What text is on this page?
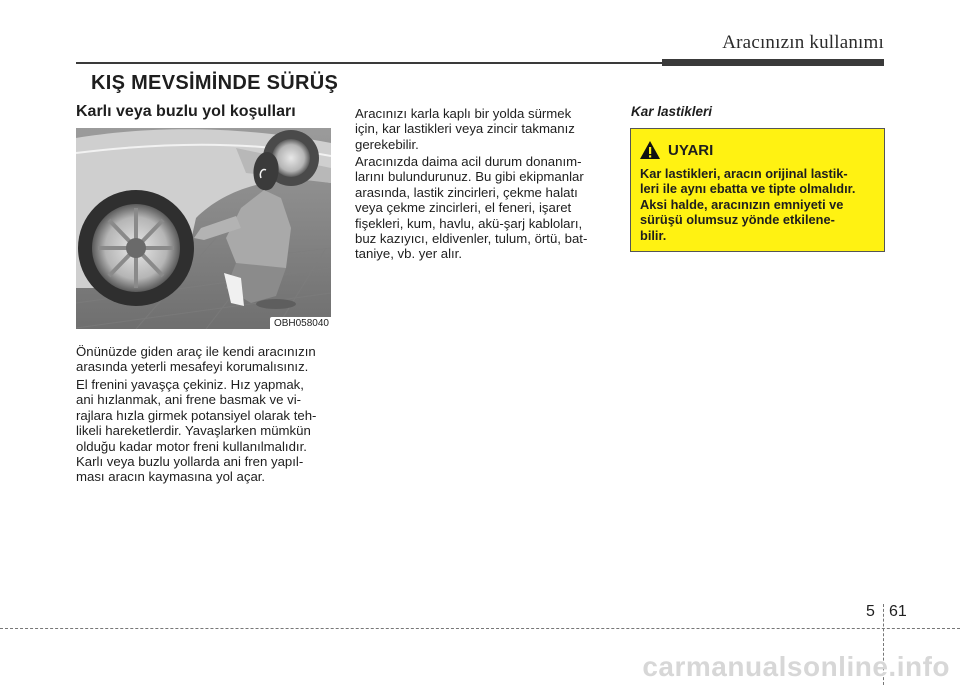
Aracınızın kullanımı
KIŞ MEVSİMİNDE SÜRÜŞ
Karlı veya buzlu yol koşulları
OBH058040
Önünüzde giden araç ile kendi aracınızın
arasında yeterli mesafeyi korumalısınız.
El frenini yavaşça çekiniz. Hız yapmak,
ani hızlanmak, ani frene basmak ve vi-
rajlara hızla girmek potansiyel olarak teh-
likeli hareketlerdir. Yavaşlarken mümkün
olduğu kadar motor freni kullanılmalıdır.
Karlı veya buzlu yollarda ani fren yapıl-
ması aracın kaymasına yol açar.
Aracınızı karla kaplı bir yolda sürmek
için, kar lastikleri veya zincir takmanız
gerekebilir.
Aracınızda daima acil durum donanım-
larını bulundurunuz. Bu gibi ekipmanlar
arasında, lastik zincirleri, çekme halatı
veya çekme zincirleri, el feneri, işaret
fişekleri, kum, havlu, akü-şarj kabloları,
buz kazıyıcı, eldivenler, tulum, örtü, bat-
taniye, vb. yer alır.
Kar lastikleri
UYARI
Kar lastikleri, aracın orijinal lastik-
leri ile aynı ebatta ve tipte olmalıdır.
Aksi halde, aracınızın emniyeti ve
sürüşü olumsuz yönde etkilene-
bilir.
5 61
carmanualsonline.info
